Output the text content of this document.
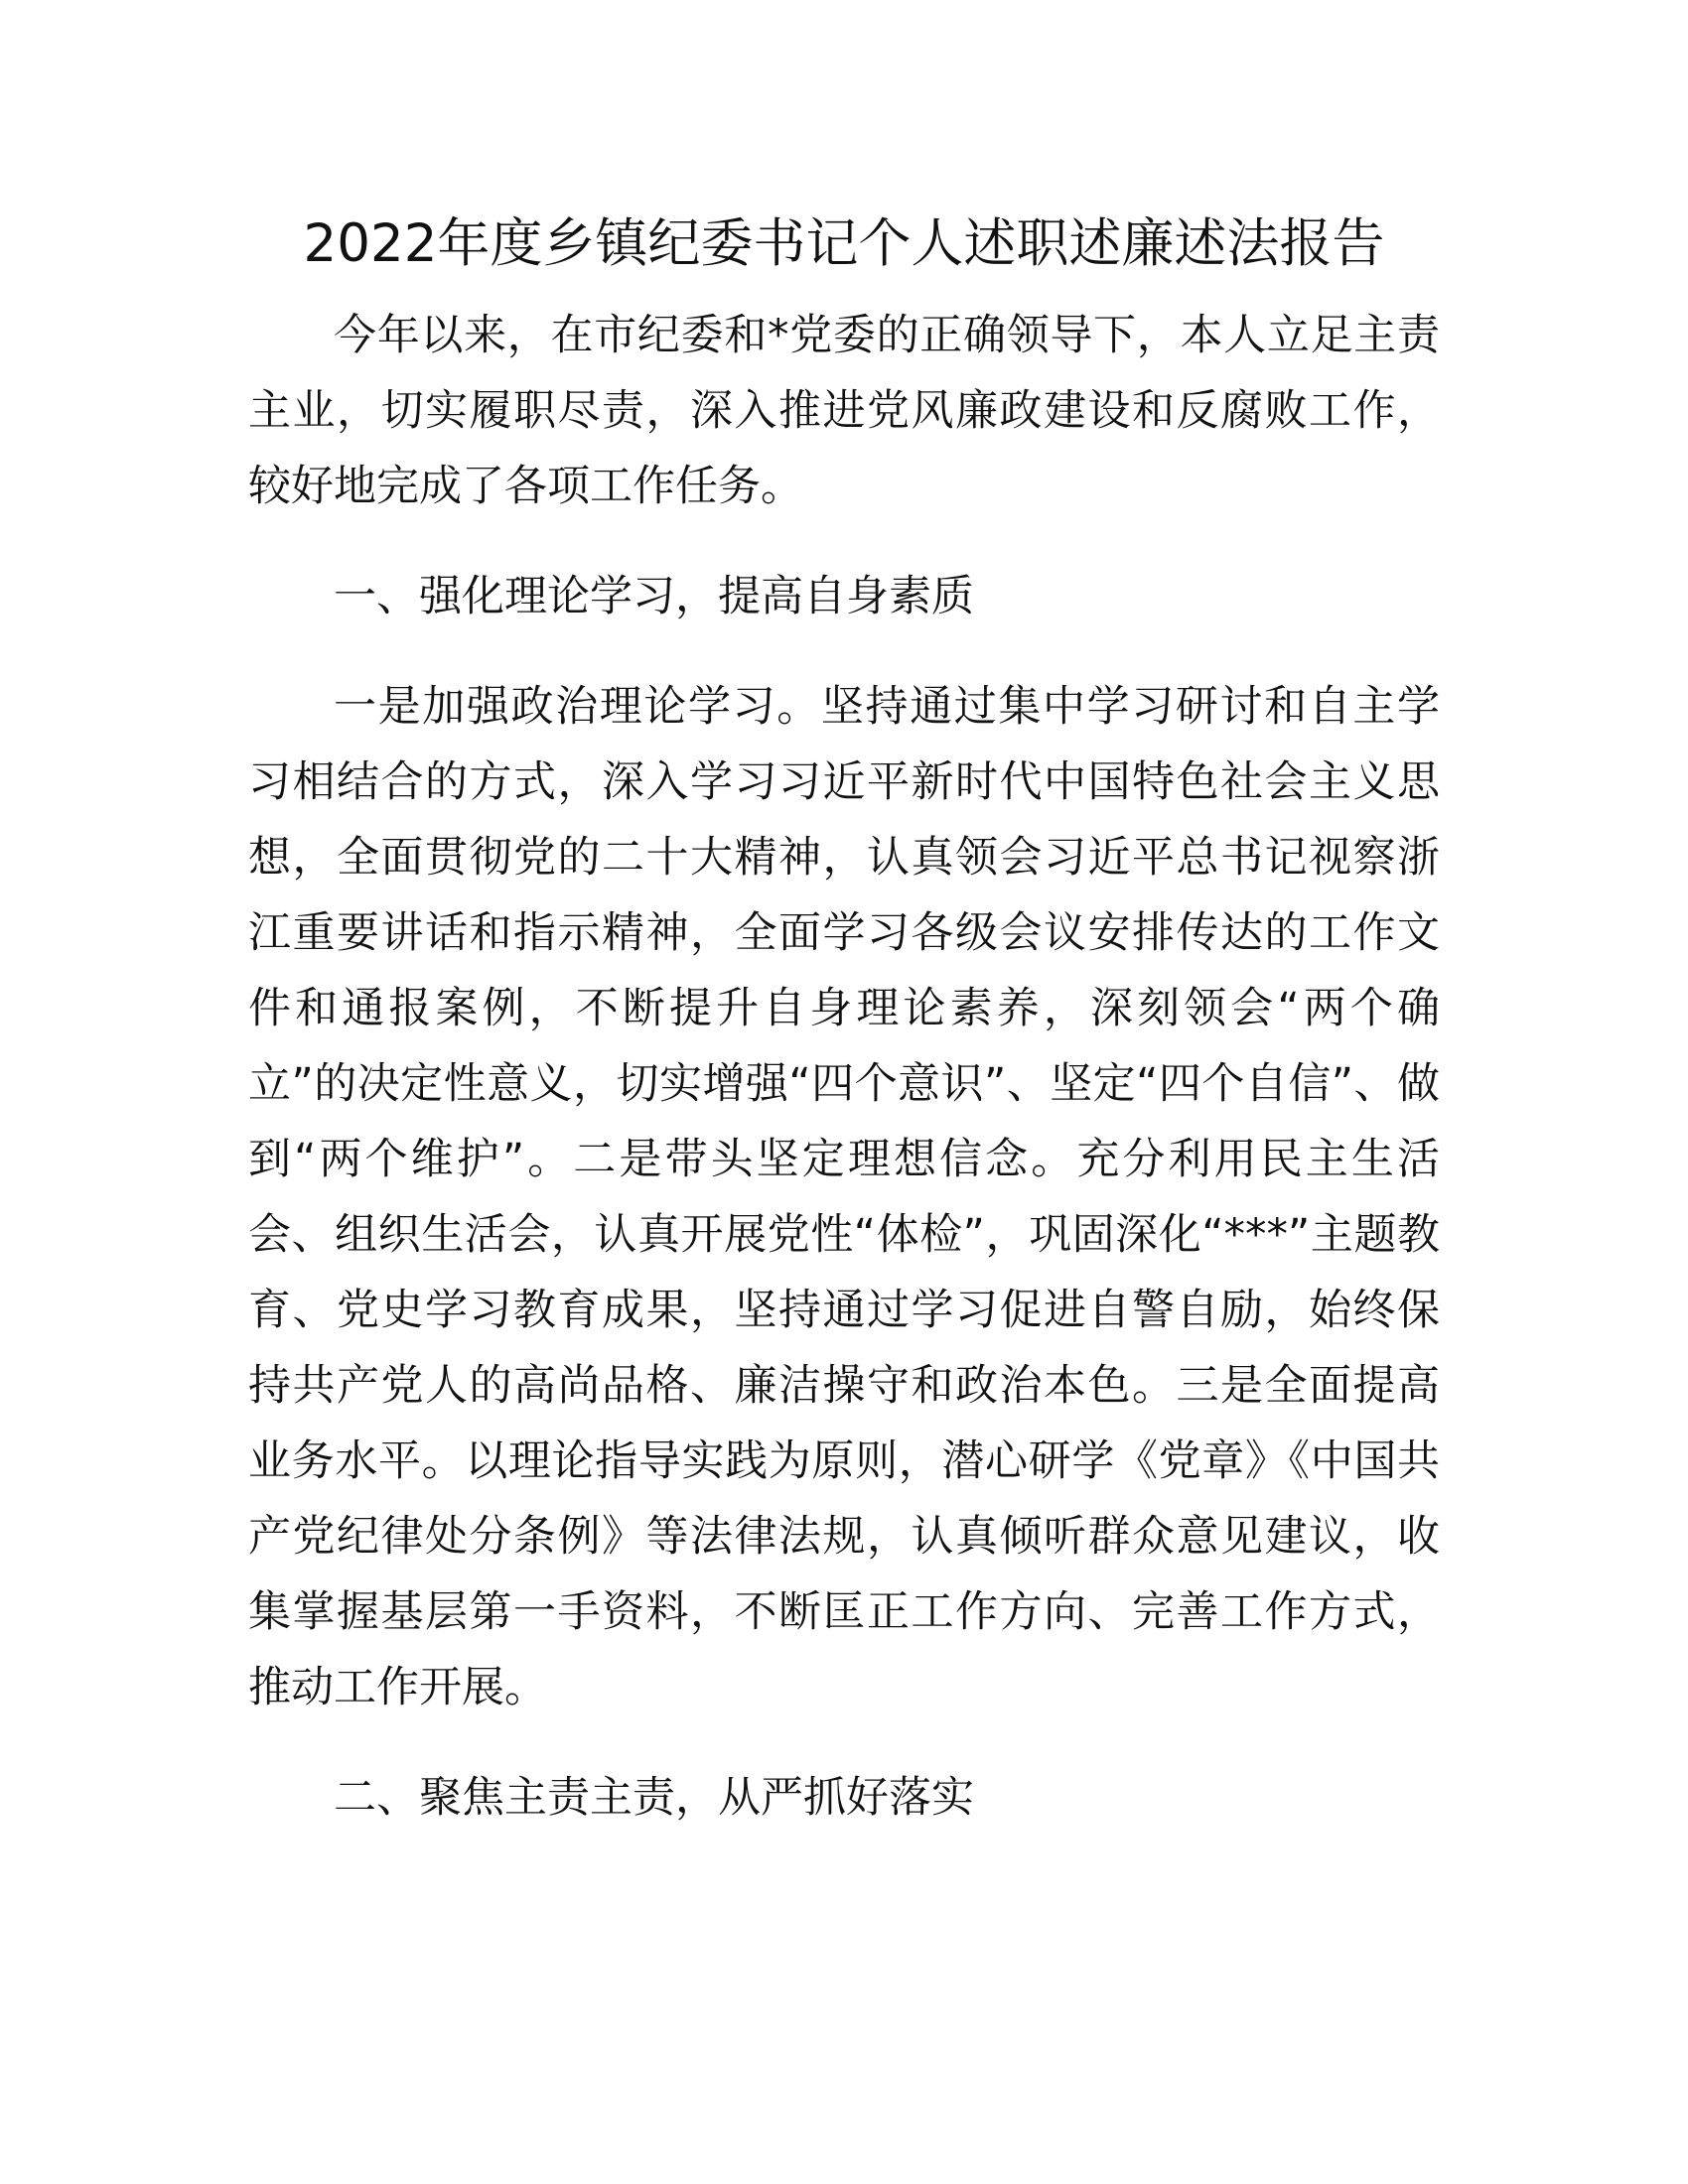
2022年度乡镇纪委书记个人述职述廉述法报告

今年以来，在市纪委和*党委的正确领导下，本人立足主责主业，切实履职尽责，深入推进党风廉政建设和反腐败工作，较好地完成了各项工作任务。

一、强化理论学习，提高自身素质

一是加强政治理论学习。坚持通过集中学习研讨和自主学习相结合的方式，深入学习习近平新时代中国特色社会主义思想，全面贯彻党的二十大精神，认真领会习近平总书记视察浙江重要讲话和指示精神，全面学习各级会议安排传达的工作文件和通报案例，不断提升自身理论素养，深刻领会“两个确立”的决定性意义，切实增强“四个意识”、坚定“四个自信”、做到“两个维护”。二是带头坚定理想信念。充分利用民主生活会、组织生活会，认真开展党性“体检”，巩固深化“***”主题教育、党史学习教育成果，坚持通过学习促进自警自励，始终保持共产党人的高尚品格、廉洁操守和政治本色。三是全面提高业务水平。以理论指导实践为原则，潜心研学《党章》《中国共产党纪律处分条例》等法律法规，认真倾听群众意见建议，收集掌握基层第一手资料，不断匡正工作方向、完善工作方式，推动工作开展。

二、聚焦主责主责，从严抓好落实
